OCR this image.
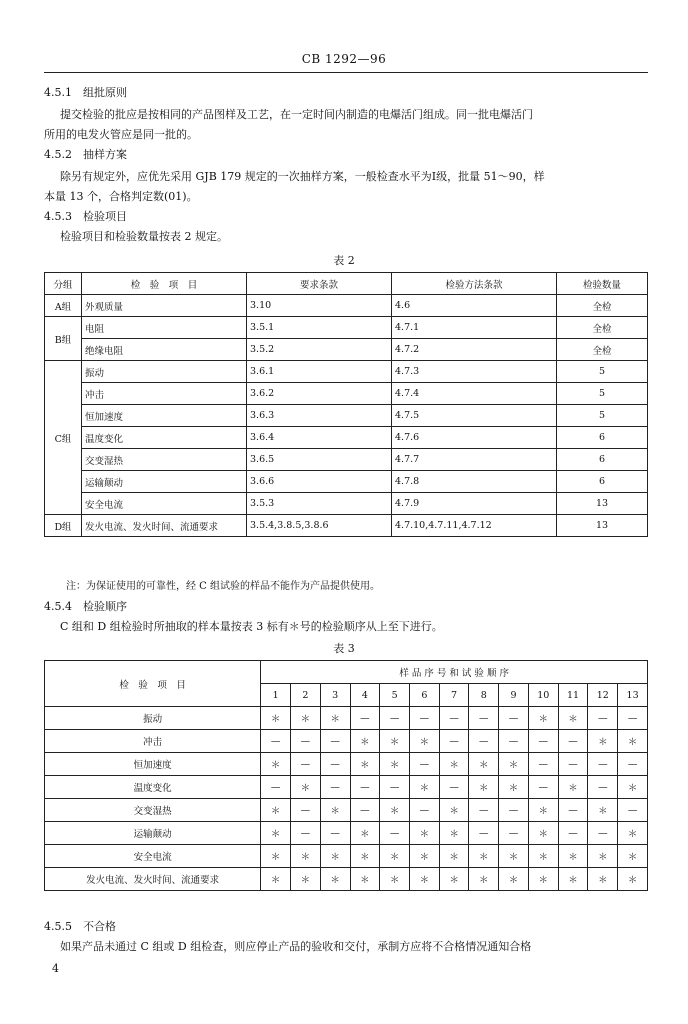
CB 1292—96
4.5.1　组批原则
提交检验的批应是按相同的产品图样及工艺，在一定时间内制造的电爆活门组成。同一批电爆活门
所用的电发火管应是同一批的。
4.5.2　抽样方案
除另有规定外，应优先采用 GJB 179 规定的一次抽样方案，一般检查水平为Ⅰ级，批量 51～90，样
本量 13 个，合格判定数(01)。
4.5.3　检验项目
检验项目和检验数量按表 2 规定。
表 2
分组	检　验　项　目	要求条款	检验方法条款	检验数量
A组	外观质量	3.10	4.6	全检
B组	电阻	3.5.1	4.7.1	全检
	绝缘电阻	3.5.2	4.7.2	全检
C组	振动	3.6.1	4.7.3	5
	冲击	3.6.2	4.7.4	5
	恒加速度	3.6.3	4.7.5	5
	温度变化	3.6.4	4.7.6	6
	交变湿热	3.6.5	4.7.7	6
	运输颠动	3.6.6	4.7.8	6
	安全电流	3.5.3	4.7.9	13
D组	发火电流、发火时间、流通要求	3.5.4,3.8.5,3.8.6	4.7.10,4.7.11,4.7.12	13
注：为保证使用的可靠性，经 C 组试验的样品不能作为产品提供使用。
4.5.4　检验顺序
C 组和 D 组检验时所抽取的样本量按表 3 标有＊号的检验顺序从上至下进行。
表 3
检　验　项　目	样 品 序 号 和 试 验 顺 序												
	1	2	3	4	5	6	7	8	9	10	11	12	13
振动	＊	＊	＊	—	—	—	—	—	—	＊	＊	—	—
冲击	—	—	—	＊	＊	＊	—	—	—	—	—	＊	＊
恒加速度	＊	—	—	＊	＊	—	＊	＊	＊	—	—	—	—
温度变化	—	＊	—	—	—	＊	—	＊	＊	—	＊	—	＊
交变湿热	＊	—	＊	—	＊	—	＊	—	—	＊	—	＊	—
运输颠动	＊	—	—	＊	—	＊	＊	—	—	＊	—	—	＊
安全电流	＊	＊	＊	＊	＊	＊	＊	＊	＊	＊	＊	＊	＊
发火电流、发火时间、流通要求	＊	＊	＊	＊	＊	＊	＊	＊	＊	＊	＊	＊	＊
4.5.5　不合格
如果产品未通过 C 组或 D 组检查，则应停止产品的验收和交付，承制方应将不合格情况通知合格
4
